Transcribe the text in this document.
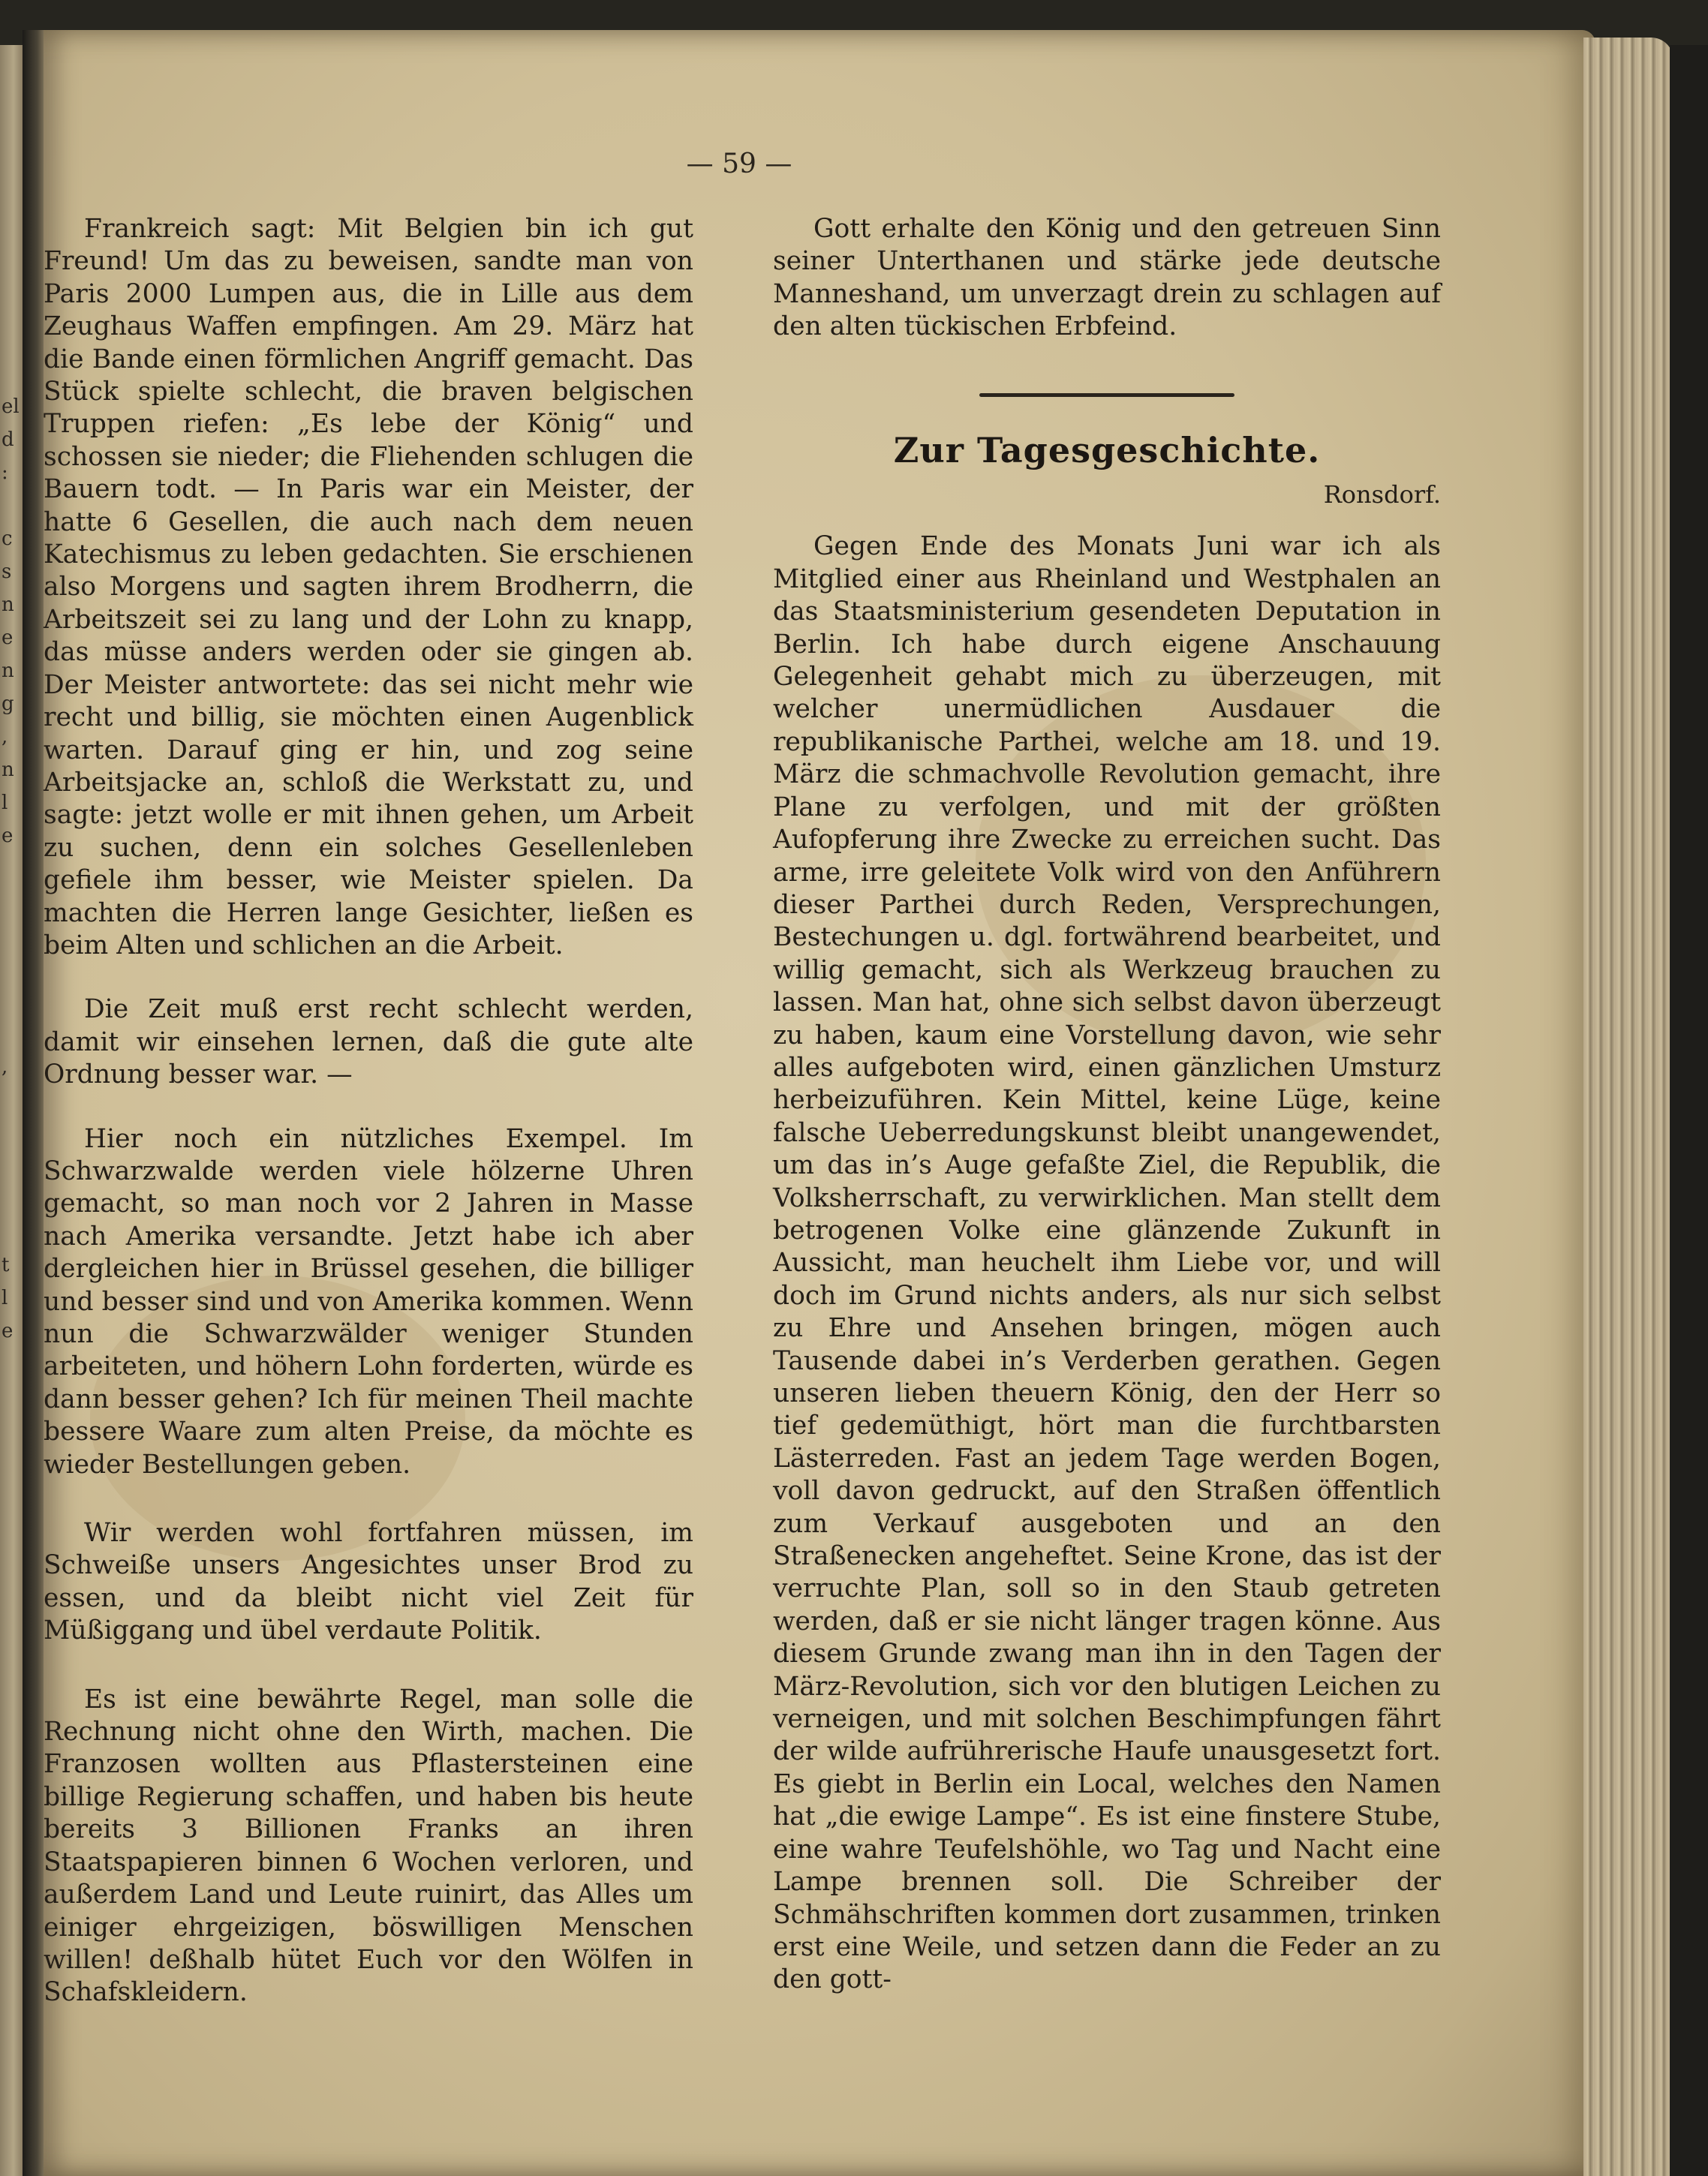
el
d
:

c
s
n
e
n
g
,
n
l
e

,

t
l
e
— 59 —

Frankreich sagt: Mit Belgien bin ich gut Freund! Um das zu beweisen, sandte man von Paris 2000 Lumpen aus, die in Lille aus dem Zeughaus Waffen empfingen. Am 29. März hat die Bande einen förmlichen Angriff gemacht. Das Stück spielte schlecht, die braven belgischen Truppen riefen: „Es lebe der König“ und schossen sie nieder; die Fliehenden schlugen die Bauern todt. — In Paris war ein Meister, der hatte 6 Gesellen, die auch nach dem neuen Katechismus zu leben gedachten. Sie erschienen also Morgens und sagten ihrem Brodherrn, die Arbeitszeit sei zu lang und der Lohn zu knapp, das müsse anders werden oder sie gingen ab. Der Meister antwortete: das sei nicht mehr wie recht und billig, sie möchten einen Augenblick warten. Darauf ging er hin, und zog seine Arbeitsjacke an, schloß die Werkstatt zu, und sagte: jetzt wolle er mit ihnen gehen, um Arbeit zu suchen, denn ein solches Gesellenleben gefiele ihm besser, wie Meister spielen. Da machten die Herren lange Gesichter, ließen es beim Alten und schlichen an die Arbeit.

Die Zeit muß erst recht schlecht werden, damit wir einsehen lernen, daß die gute alte Ordnung besser war. —

Hier noch ein nützliches Exempel. Im Schwarzwalde werden viele hölzerne Uhren gemacht, so man noch vor 2 Jahren in Masse nach Amerika versandte. Jetzt habe ich aber dergleichen hier in Brüssel gesehen, die billiger und besser sind und von Amerika kommen. Wenn nun die Schwarzwälder weniger Stunden arbeiteten, und höhern Lohn forderten, würde es dann besser gehen? Ich für meinen Theil machte bessere Waare zum alten Preise, da möchte es wieder Bestellungen geben.

Wir werden wohl fortfahren müssen, im Schweiße unsers Angesichtes unser Brod zu essen, und da bleibt nicht viel Zeit für Müßiggang und übel verdaute Politik.

Es ist eine bewährte Regel, man solle die Rechnung nicht ohne den Wirth, machen. Die Franzosen wollten aus Pflastersteinen eine billige Regierung schaffen, und haben bis heute bereits 3 Billionen Franks an ihren Staatspapieren binnen 6 Wochen verloren, und außerdem Land und Leute ruinirt, das Alles um einiger ehrgeizigen, böswilligen Menschen willen! deßhalb hütet Euch vor den Wölfen in Schafskleidern.

Gott erhalte den König und den getreuen Sinn seiner Unterthanen und stärke jede deutsche Manneshand, um unverzagt drein zu schlagen auf den alten tückischen Erbfeind.

Zur Tagesgeschichte.

Ronsdorf.

Gegen Ende des Monats Juni war ich als Mitglied einer aus Rheinland und Westphalen an das Staatsministerium gesendeten Deputation in Berlin. Ich habe durch eigene Anschauung Gelegenheit gehabt mich zu überzeugen, mit welcher unermüdlichen Ausdauer die republikanische Parthei, welche am 18. und 19. März die schmachvolle Revolution gemacht, ihre Plane zu verfolgen, und mit der größten Aufopferung ihre Zwecke zu erreichen sucht. Das arme, irre geleitete Volk wird von den Anführern dieser Parthei durch Reden, Versprechungen, Bestechungen u. dgl. fortwährend bearbeitet, und willig gemacht, sich als Werkzeug brauchen zu lassen. Man hat, ohne sich selbst davon überzeugt zu haben, kaum eine Vorstellung davon, wie sehr alles aufgeboten wird, einen gänzlichen Umsturz herbeizuführen. Kein Mittel, keine Lüge, keine falsche Ueberredungskunst bleibt unangewendet, um das in’s Auge gefaßte Ziel, die Republik, die Volksherrschaft, zu verwirklichen. Man stellt dem betrogenen Volke eine glänzende Zukunft in Aussicht, man heuchelt ihm Liebe vor, und will doch im Grund nichts anders, als nur sich selbst zu Ehre und Ansehen bringen, mögen auch Tausende dabei in’s Verderben gerathen. Gegen unseren lieben theuern König, den der Herr so tief gedemüthigt, hört man die furchtbarsten Lästerreden. Fast an jedem Tage werden Bogen, voll davon gedruckt, auf den Straßen öffentlich zum Verkauf ausgeboten und an den Straßenecken angeheftet. Seine Krone, das ist der verruchte Plan, soll so in den Staub getreten werden, daß er sie nicht länger tragen könne. Aus diesem Grunde zwang man ihn in den Tagen der März-Revolution, sich vor den blutigen Leichen zu verneigen, und mit solchen Beschimpfungen fährt der wilde aufrührerische Haufe unausgesetzt fort. Es giebt in Berlin ein Local, welches den Namen hat „die ewige Lampe“. Es ist eine finstere Stube, eine wahre Teufelshöhle, wo Tag und Nacht eine Lampe brennen soll. Die Schreiber der Schmähschriften kommen dort zusammen, trinken erst eine Weile, und setzen dann die Feder an zu den gott-
